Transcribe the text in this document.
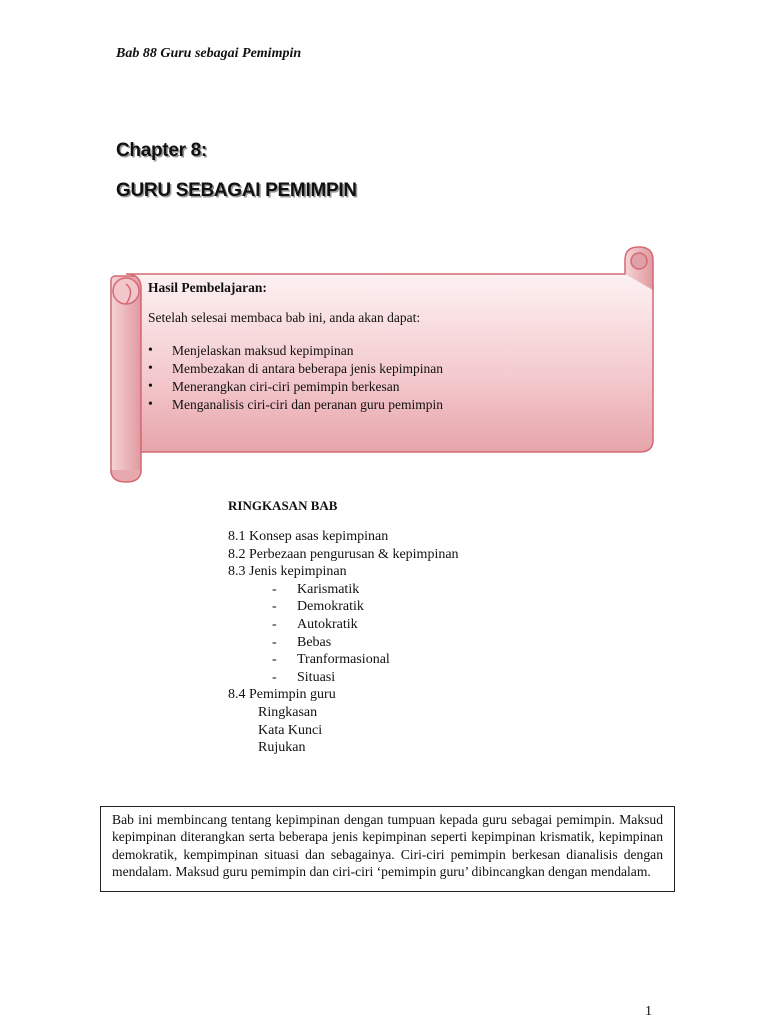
Bab 88 Guru sebagai Pemimpin
Chapter 8:
GURU SEBAGAI PEMIMPIN
Hasil Pembelajaran:
Setelah selesai membaca bab ini, anda akan dapat:
• Menjelaskan maksud kepimpinan
• Membezakan di antara beberapa jenis kepimpinan
• Menerangkan ciri-ciri pemimpin berkesan
• Menganalisis ciri-ciri dan peranan guru pemimpin
RINGKASAN BAB
8.1 Konsep asas kepimpinan
8.2 Perbezaan pengurusan & kepimpinan
8.3 Jenis kepimpinan
- Karismatik
- Demokratik
- Autokratik
- Bebas
- Tranformasional
- Situasi
8.4 Pemimpin guru
Ringkasan
Kata Kunci
Rujukan

Bab ini membincang tentang kepimpinan dengan tumpuan kepada guru sebagai pemimpin. Maksud kepimpinan diterangkan serta beberapa jenis kepimpinan seperti kepimpinan krismatik, kepimpinan demokratik, kempimpinan situasi dan sebagainya. Ciri-ciri pemimpin berkesan dianalisis dengan mendalam. Maksud guru pemimpin dan ciri-ciri ‘pemimpin guru’ dibincangkan dengan mendalam.

1
